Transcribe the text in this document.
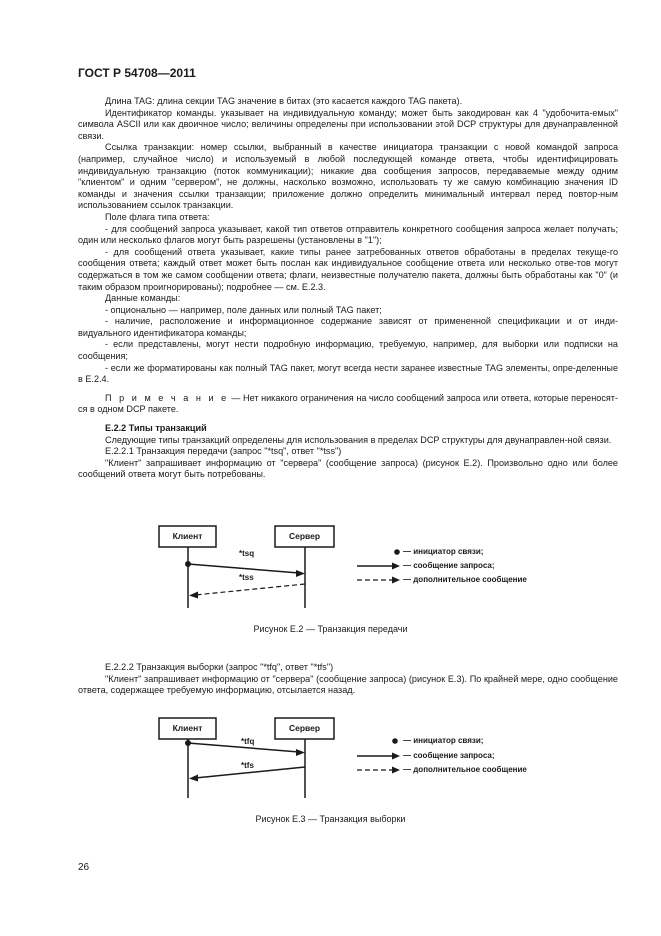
ГОСТ Р 54708—2011

Длина TAG: длина секции TAG значение в битах (это касается каждого TAG пакета).

Идентификатор команды. указывает на индивидуальную команду; может быть закодирован как 4 "удобочита-емых" символа ASCII или как двоичное число; величины определены при использовании этой DCP структуры для двунаправленной связи.

Ссылка транзакции: номер ссылки, выбранный в качестве инициатора транзакции с новой командой запроса (например, случайное число) и используемый в любой последующей команде ответа, чтобы идентифицировать индивидуальную транзакцию (поток коммуникации); никакие два сообщения запросов, передаваемые между одним "клиентом" и одним "сервером", не должны, насколько возможно, использовать ту же самую комбинацию значения ID команды и значения ссылки транзакции; приложение должно определить минимальный интервал перед повтор-ным использованием ссылок транзакции.

Поле флага типа ответа:

- для сообщений запроса указывает, какой тип ответов отправитель конкретного сообщения запроса желает получать; один или несколько флагов могут быть разрешены (установлены в "1");

- для сообщений ответа указывает, какие типы ранее затребованных ответов обработаны в пределах текуще-го сообщения ответа; каждый ответ может быть послан как индивидуальное сообщение ответа или несколько отве-тов могут содержаться в том же самом сообщении ответа; флаги, неизвестные получателю пакета, должны быть обработаны как "0" (и таким образом проигнорированы); подробнее — см. Е.2.3.

Данные команды:

- опционально — например, поле данных или полный TAG пакет;

- наличие, расположение и информационное содержание зависят от примененной спецификации и от инди-видуального идентификатора команды;

- если представлены, могут нести подробную информацию, требуемую, например, для выборки или подписки на сообщения;

- если же форматированы как полный TAG пакет, могут всегда нести заранее известные TAG элементы, опре-деленные в Е.2.4.

П р и м е ч а н и е — Нет никакого ограничения на число сообщений запроса или ответа, которые переносят-ся в одном DCP пакете.

Е.2.2 Типы транзакций

Следующие типы транзакций определены для использования в пределах DCP структуры для двунаправлен-ной связи.

Е.2.2.1 Транзакция передачи (запрос "*tsq", ответ "*tss")

"Клиент" запрашивает информацию от "сервера" (сообщение запроса) (рисунок Е.2). Произвольно одно или более сообщений ответа могут быть потребованы.

Клиент	Сервер
*tsq
*tss
— инициатор связи;
— сообщение запроса;
— дополнительное сообщение
Рисунок Е.2 — Транзакция передачи

Е.2.2.2 Транзакция выборки (запрос "*tfq", ответ "*tfs")

"Клиент" запрашивает информацию от "сервера" (сообщение запроса) (рисунок Е.3). По крайней мере, одно сообщение ответа, содержащее требуемую информацию, отсылается назад.

Клиент	Сервер
*tfq
*tfs
— инициатор связи;
— сообщение запроса;
— дополнительное сообщение
Рисунок Е.3 — Транзакция выборки
26
